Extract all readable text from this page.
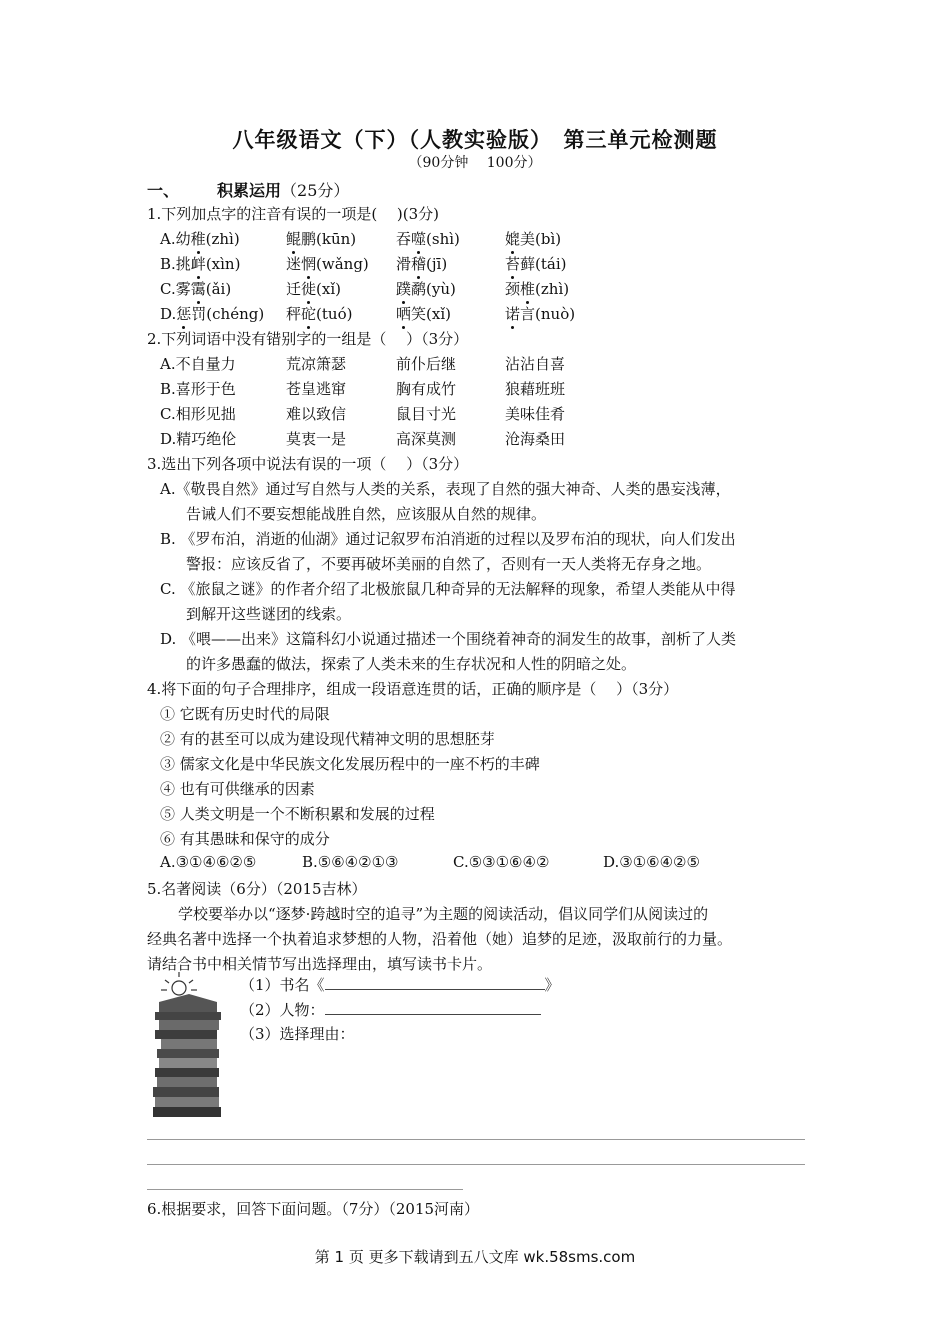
八年级语文（下）（人教实验版）　第三单元检测题
（90分钟　 100分）
一、 积累运用（25分）
1.下列加点字的注音有误的一项是(　 )(3分)
A.幼稚(zhì)	鲲鹏(kūn)	吞噬(shì)	媲美(bì)
B.挑衅(xìn)	迷惘(wǎng) 滑稽(jī)	苔藓(tái)
C.雾霭(ǎi)	迁徙(xǐ)	蹼鹬(yù)	颈椎(zhì)
D.惩罚(chéng) 秤砣(tuó)	哂笑(xǐ)	诺言(nuò)
2.下列词语中没有错别字的一组是（　 ）（3分）
A.不自量力	荒凉箫瑟	前仆后继	沾沾自喜
B.喜形于色	苍皇逃窜	胸有成竹	狼藉班班
C.相形见拙	难以致信	鼠目寸光	美味佳肴
D.精巧绝伦	莫衷一是	高深莫测	沧海桑田
3.选出下列各项中说法有误的一项（　 ）（3分）
A.《敬畏自然》通过写自然与人类的关系，表现了自然的强大神奇、人类的愚妄浅薄，
告诫人们不要妄想能战胜自然，应该服从自然的规律。
B. 《罗布泊，消逝的仙湖》通过记叙罗布泊消逝的过程以及罗布泊的现状，向人们发出
警报：应该反省了，不要再破坏美丽的自然了，否则有一天人类将无存身之地。
C. 《旅鼠之谜》的作者介绍了北极旅鼠几种奇异的无法解释的现象，希望人类能从中得
到解开这些谜团的线索。
D. 《喂——出来》这篇科幻小说通过描述一个围绕着神奇的洞发生的故事，剖析了人类
的许多愚蠢的做法，探索了人类未来的生存状况和人性的阴暗之处。
4.将下面的句子合理排序，组成一段语意连贯的话，正确的顺序是（　 ）（3分）
① 它既有历史时代的局限
② 有的甚至可以成为建设现代精神文明的思想胚芽
③ 儒家文化是中华民族文化发展历程中的一座不朽的丰碑
④ 也有可供继承的因素
⑤ 人类文明是一个不断积累和发展的过程
⑥ 有其愚昧和保守的成分
A.③①④⑥②⑤	B.⑤⑥④②①③	C.⑤③①⑥④②	D.③①⑥④②⑤
5.名著阅读（6分）（2015吉林）
学校要举办以“逐梦·跨越时空的追寻”为主题的阅读活动，倡议同学们从阅读过的
经典名著中选择一个执着追求梦想的人物，沿着他（她）追梦的足迹，汲取前行的力量。
请结合书中相关情节写出选择理由，填写读书卡片。
（1）书名《	》
（2）人物：
（3）选择理由：
6.根据要求，回答下面问题。（7分）（2015河南）
第 1 页 更多下载请到五八文库 wk.58sms.com
